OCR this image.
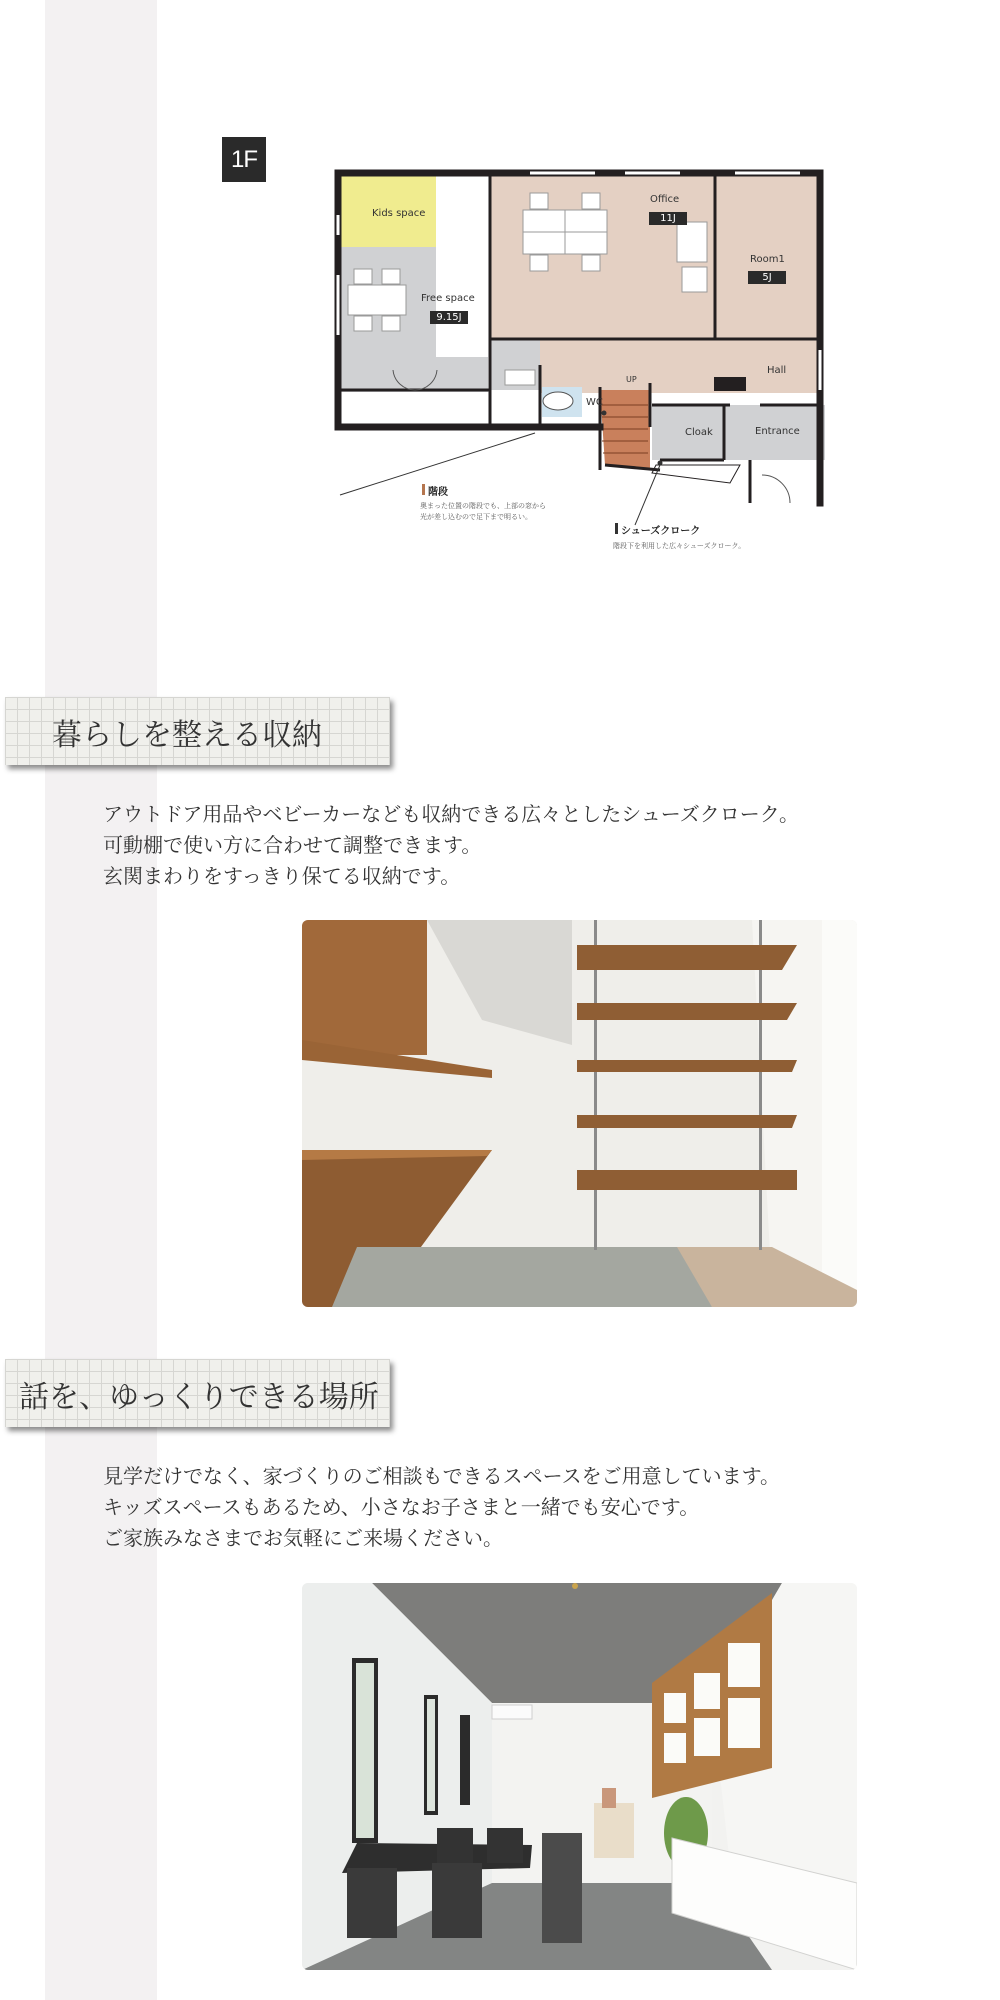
1F
Kids space
Office
11J
Room1
5J
Free space
9.15J
Hall
UP
WC
Cloak	Entrance
階段
奥まった位置の階段でも、上部の窓から
光が差し込むので足下まで明るい。
シューズクローク
階段下を利用した広々シューズクローク。
暮らしを整える収納

アウトドア用品やベビーカーなども収納できる広々としたシューズクローク。

可動棚で使い方に合わせて調整できます。

玄関まわりをすっきり保てる収納です。

話を、ゆっくりできる場所

見学だけでなく、家づくりのご相談もできるスペースをご用意しています。

キッズスペースもあるため、小さなお子さまと一緒でも安心です。

ご家族みなさまでお気軽にご来場ください。
